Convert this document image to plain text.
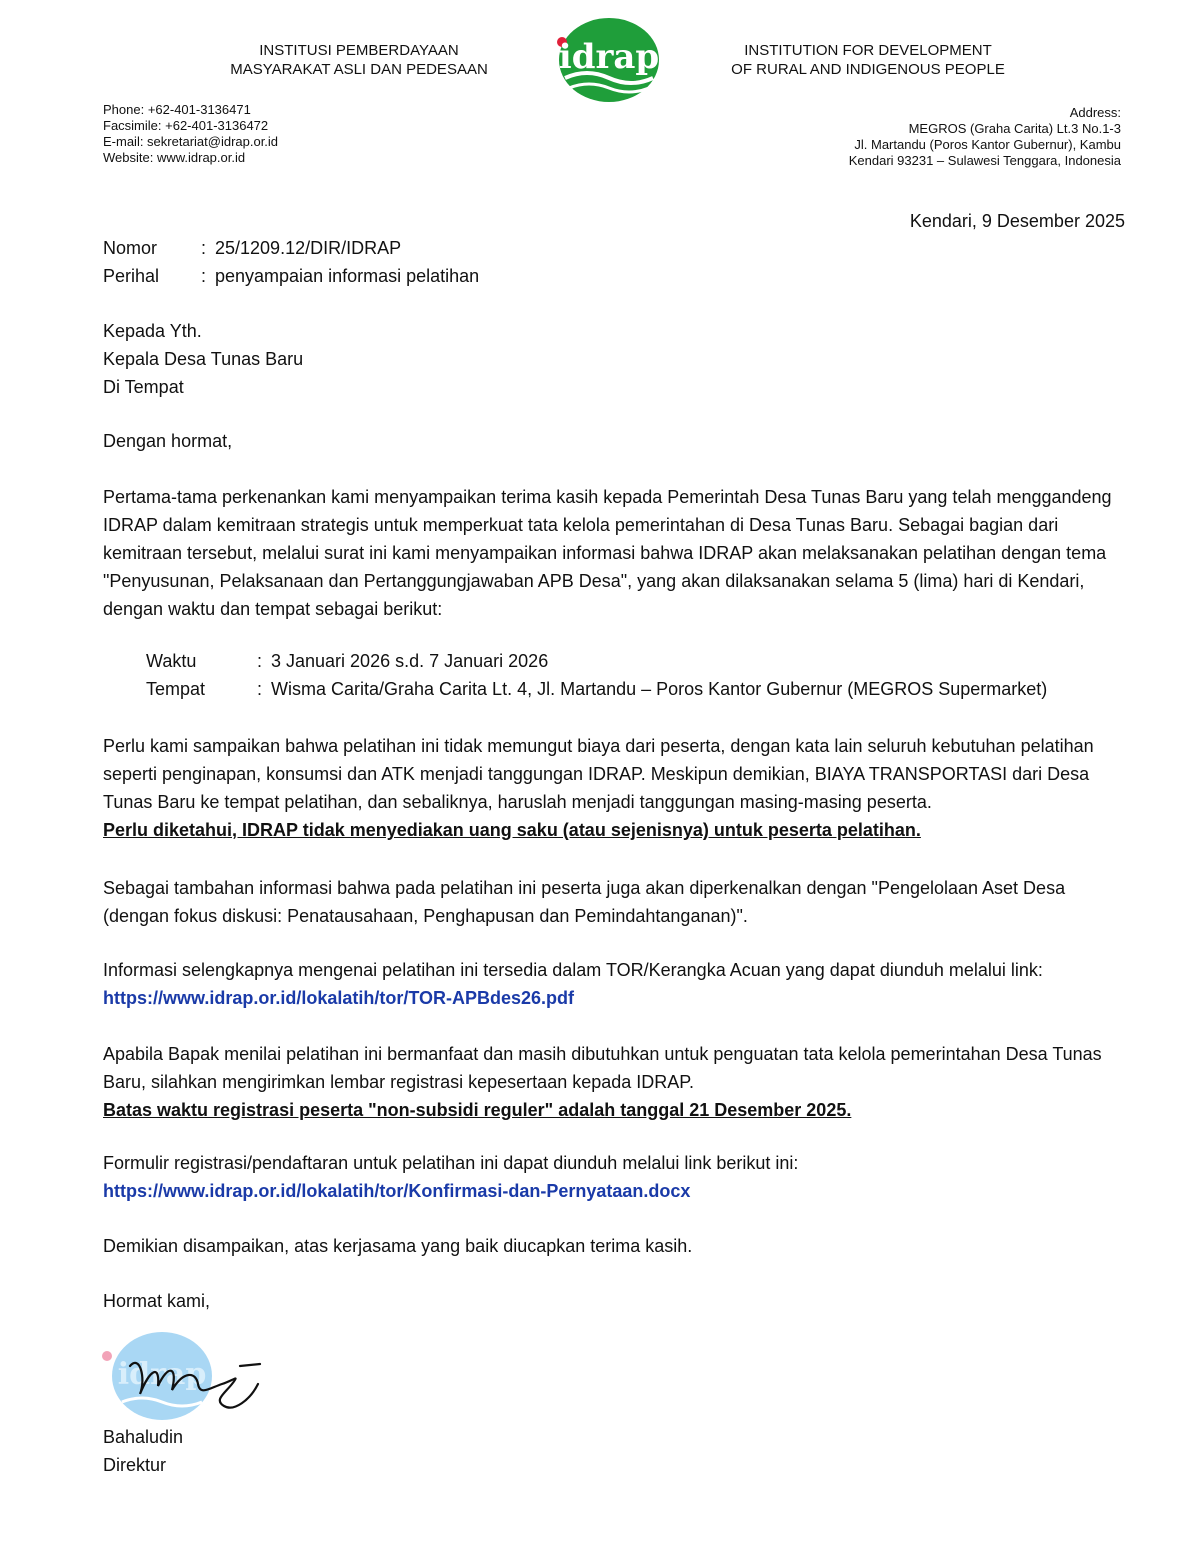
INSTITUSI PEMBERDAYAAN
MASYARAKAT ASLI DAN PEDESAAN	idrap	INSTITUTION FOR DEVELOPMENT
OF RURAL AND INDIGENOUS PEOPLE
Phone: +62-401-3136471
Facsimile: +62-401-3136472
E-mail: sekretariat@idrap.or.id
Website: www.idrap.or.id
Address:
MEGROS (Graha Carita) Lt.3 No.1-3
Jl. Martandu (Poros Kantor Gubernur), Kambu
Kendari 93231 – Sulawesi Tenggara, Indonesia
Kendari, 9 Desember 2025
Nomor	: 25/1209.12/DIR/IDRAP
Perihal	: penyampaian informasi pelatihan
Kepada Yth.
Kepala Desa Tunas Baru
Di Tempat
Dengan hormat,

Pertama-tama perkenankan kami menyampaikan terima kasih kepada Pemerintah Desa Tunas Baru yang telah menggandeng IDRAP dalam kemitraan strategis untuk memperkuat tata kelola pemerintahan di Desa Tunas Baru. Sebagai bagian dari kemitraan tersebut, melalui surat ini kami menyampaikan informasi bahwa IDRAP akan melaksanakan pelatihan dengan tema "Penyusunan, Pelaksanaan dan Pertanggungjawaban APB Desa", yang akan dilaksanakan selama 5 (lima) hari di Kendari, dengan waktu dan tempat sebagai berikut:

Waktu	: 3 Januari 2026 s.d. 7 Januari 2026
Tempat	: Wisma Carita/Graha Carita Lt. 4, Jl. Martandu – Poros Kantor Gubernur (MEGROS Supermarket)

Perlu kami sampaikan bahwa pelatihan ini tidak memungut biaya dari peserta, dengan kata lain seluruh kebutuhan pelatihan seperti penginapan, konsumsi dan ATK menjadi tanggungan IDRAP. Meskipun demikian, BIAYA TRANSPORTASI dari Desa Tunas Baru ke tempat pelatihan, dan sebaliknya, haruslah menjadi tanggungan masing-masing peserta.

Perlu diketahui, IDRAP tidak menyediakan uang saku (atau sejenisnya) untuk peserta pelatihan.

Sebagai tambahan informasi bahwa pada pelatihan ini peserta juga akan diperkenalkan dengan "Pengelolaan Aset Desa (dengan fokus diskusi: Penatausahaan, Penghapusan dan Pemindahtanganan)".

Informasi selengkapnya mengenai pelatihan ini tersedia dalam TOR/Kerangka Acuan yang dapat diunduh melalui link:

https://www.idrap.or.id/lokalatih/tor/TOR-APBdes26.pdf

Apabila Bapak menilai pelatihan ini bermanfaat dan masih dibutuhkan untuk penguatan tata kelola pemerintahan Desa Tunas Baru, silahkan mengirimkan lembar registrasi kepesertaan kepada IDRAP.

Batas waktu registrasi peserta "non-subsidi reguler" adalah tanggal 21 Desember 2025.

Formulir registrasi/pendaftaran untuk pelatihan ini dapat diunduh melalui link berikut ini:

https://www.idrap.or.id/lokalatih/tor/Konfirmasi-dan-Pernyataan.docx

Demikian disampaikan, atas kerjasama yang baik diucapkan terima kasih.
Hormat kami,
idrap
Bahaludin
Direktur
